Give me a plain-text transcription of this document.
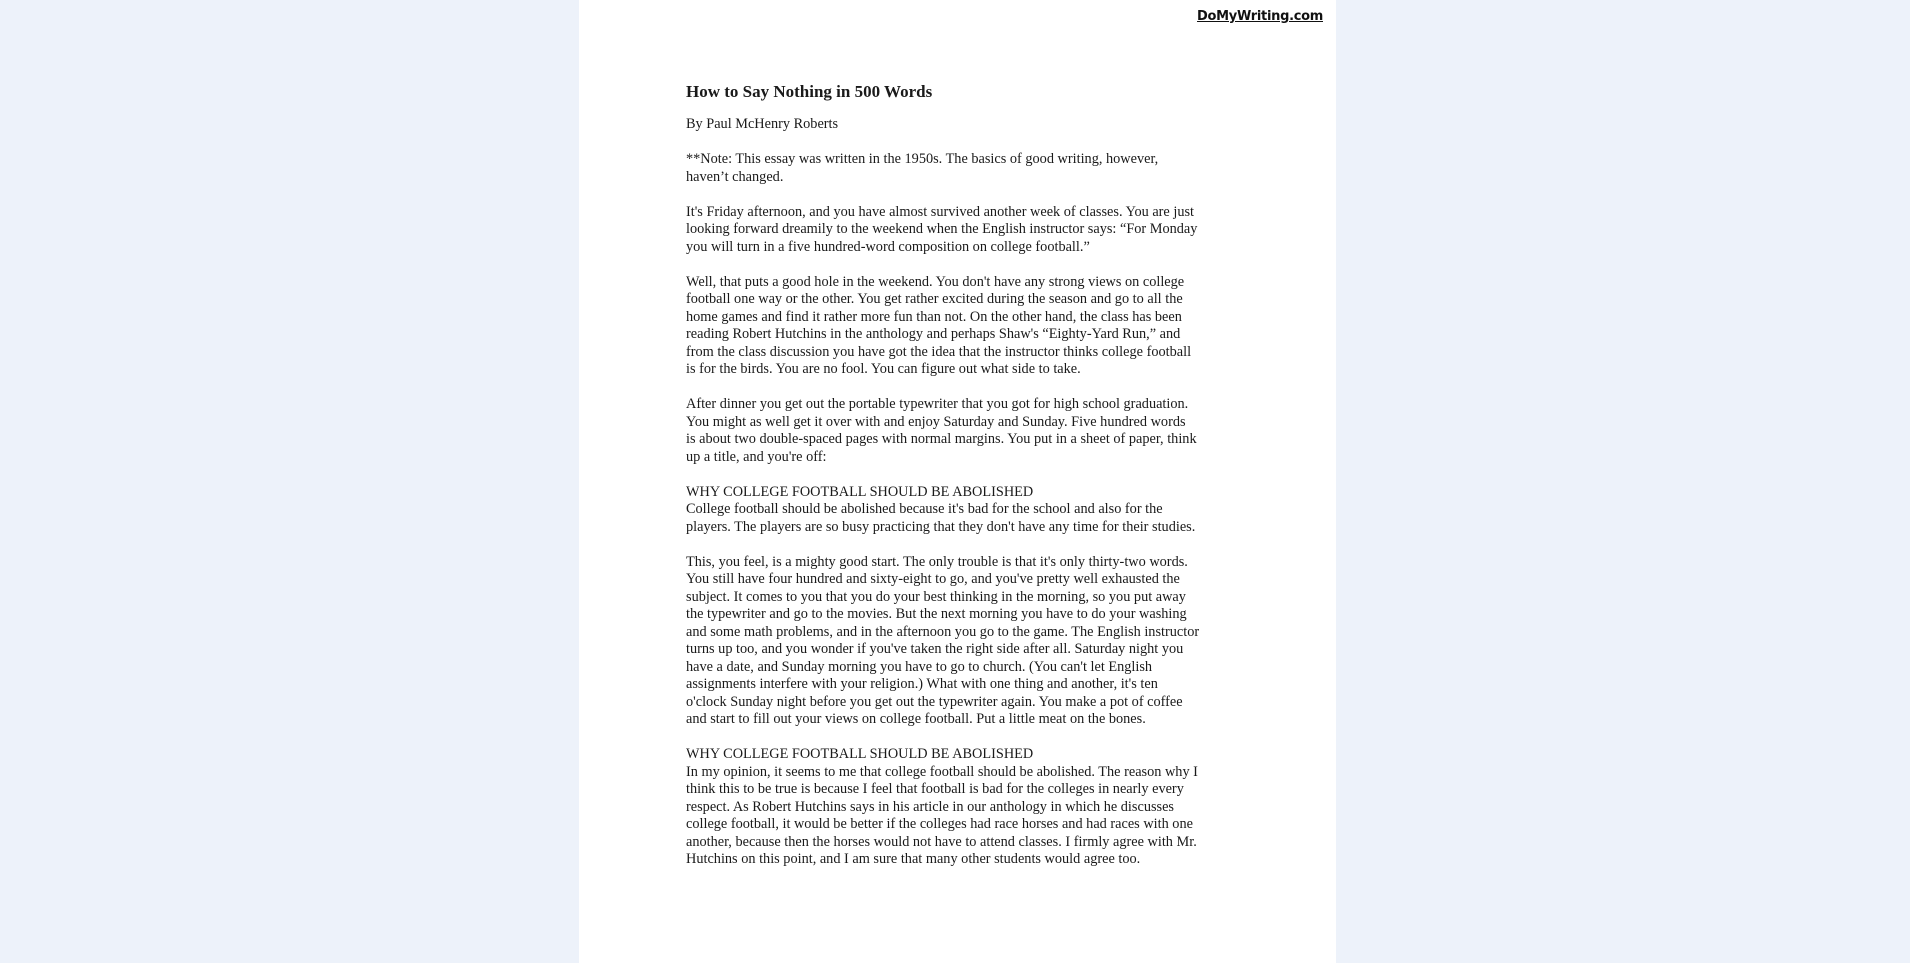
DoMyWriting.com
How to Say Nothing in 500 Words

By Paul McHenry Roberts

**Note: This essay was written in the 1950s. The basics of good writing, however,
haven’t changed.

It's Friday afternoon, and you have almost survived another week of classes. You are just
looking forward dreamily to the weekend when the English instructor says: “For Monday
you will turn in a five hundred-word composition on college football.”

Well, that puts a good hole in the weekend. You don't have any strong views on college
football one way or the other. You get rather excited during the season and go to all the
home games and find it rather more fun than not. On the other hand, the class has been
reading Robert Hutchins in the anthology and perhaps Shaw's “Eighty-Yard Run,” and
from the class discussion you have got the idea that the instructor thinks college football
is for the birds. You are no fool. You can figure out what side to take.

After dinner you get out the portable typewriter that you got for high school graduation.
You might as well get it over with and enjoy Saturday and Sunday. Five hundred words
is about two double-spaced pages with normal margins. You put in a sheet of paper, think
up a title, and you're off:

WHY COLLEGE FOOTBALL SHOULD BE ABOLISHED

College football should be abolished because it's bad for the school and also for the
players. The players are so busy practicing that they don't have any time for their studies.

This, you feel, is a mighty good start. The only trouble is that it's only thirty-two words.
You still have four hundred and sixty-eight to go, and you've pretty well exhausted the
subject. It comes to you that you do your best thinking in the morning, so you put away
the typewriter and go to the movies. But the next morning you have to do your washing
and some math problems, and in the afternoon you go to the game. The English instructor
turns up too, and you wonder if you've taken the right side after all. Saturday night you
have a date, and Sunday morning you have to go to church. (You can't let English
assignments interfere with your religion.) What with one thing and another, it's ten
o'clock Sunday night before you get out the typewriter again. You make a pot of coffee
and start to fill out your views on college football. Put a little meat on the bones.

WHY COLLEGE FOOTBALL SHOULD BE ABOLISHED

In my opinion, it seems to me that college football should be abolished. The reason why I
think this to be true is because I feel that football is bad for the colleges in nearly every
respect. As Robert Hutchins says in his article in our anthology in which he discusses
college football, it would be better if the colleges had race horses and had races with one
another, because then the horses would not have to attend classes. I firmly agree with Mr.
Hutchins on this point, and I am sure that many other students would agree too.
